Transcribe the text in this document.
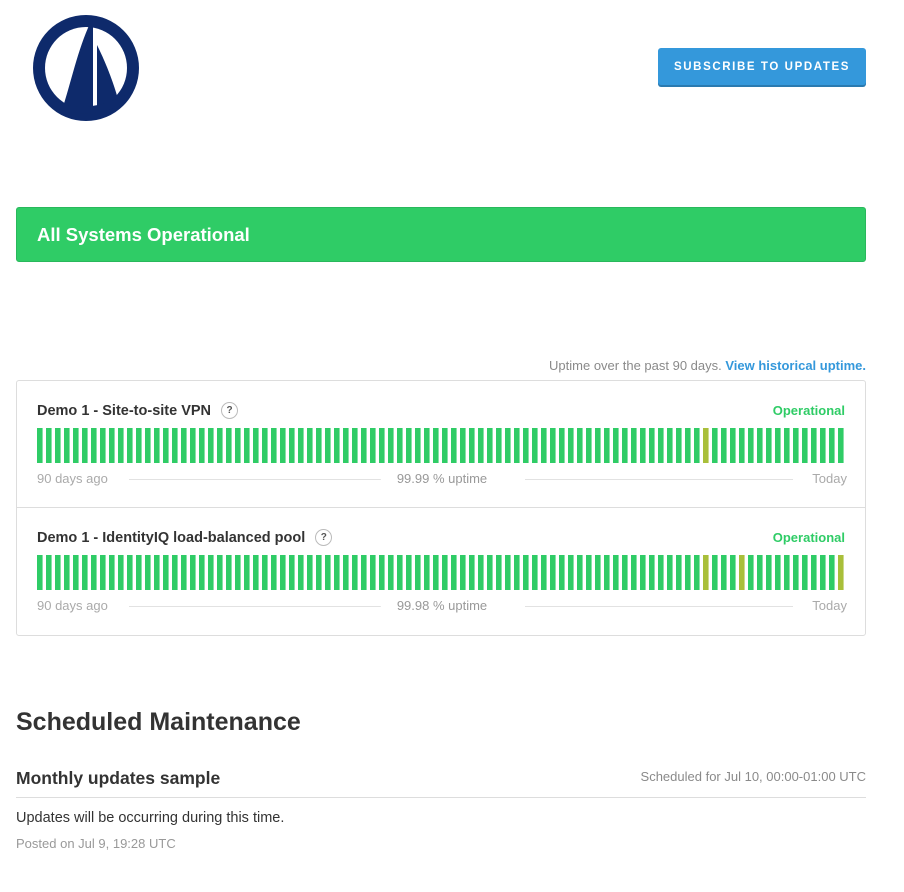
SUBSCRIBE TO UPDATES
All Systems Operational
Uptime over the past 90 days. View historical uptime.
Demo 1 - Site-to-site VPN	?	Operational
90 days ago	99.99 % uptime	Today
Demo 1 - IdentityIQ load-balanced pool	?	Operational
90 days ago	99.98 % uptime	Today
Scheduled Maintenance
Monthly updates sample	Scheduled for Jul 10, 00:00-01:00 UTC
Updates will be occurring during this time.
Posted on Jul 9, 19:28 UTC
